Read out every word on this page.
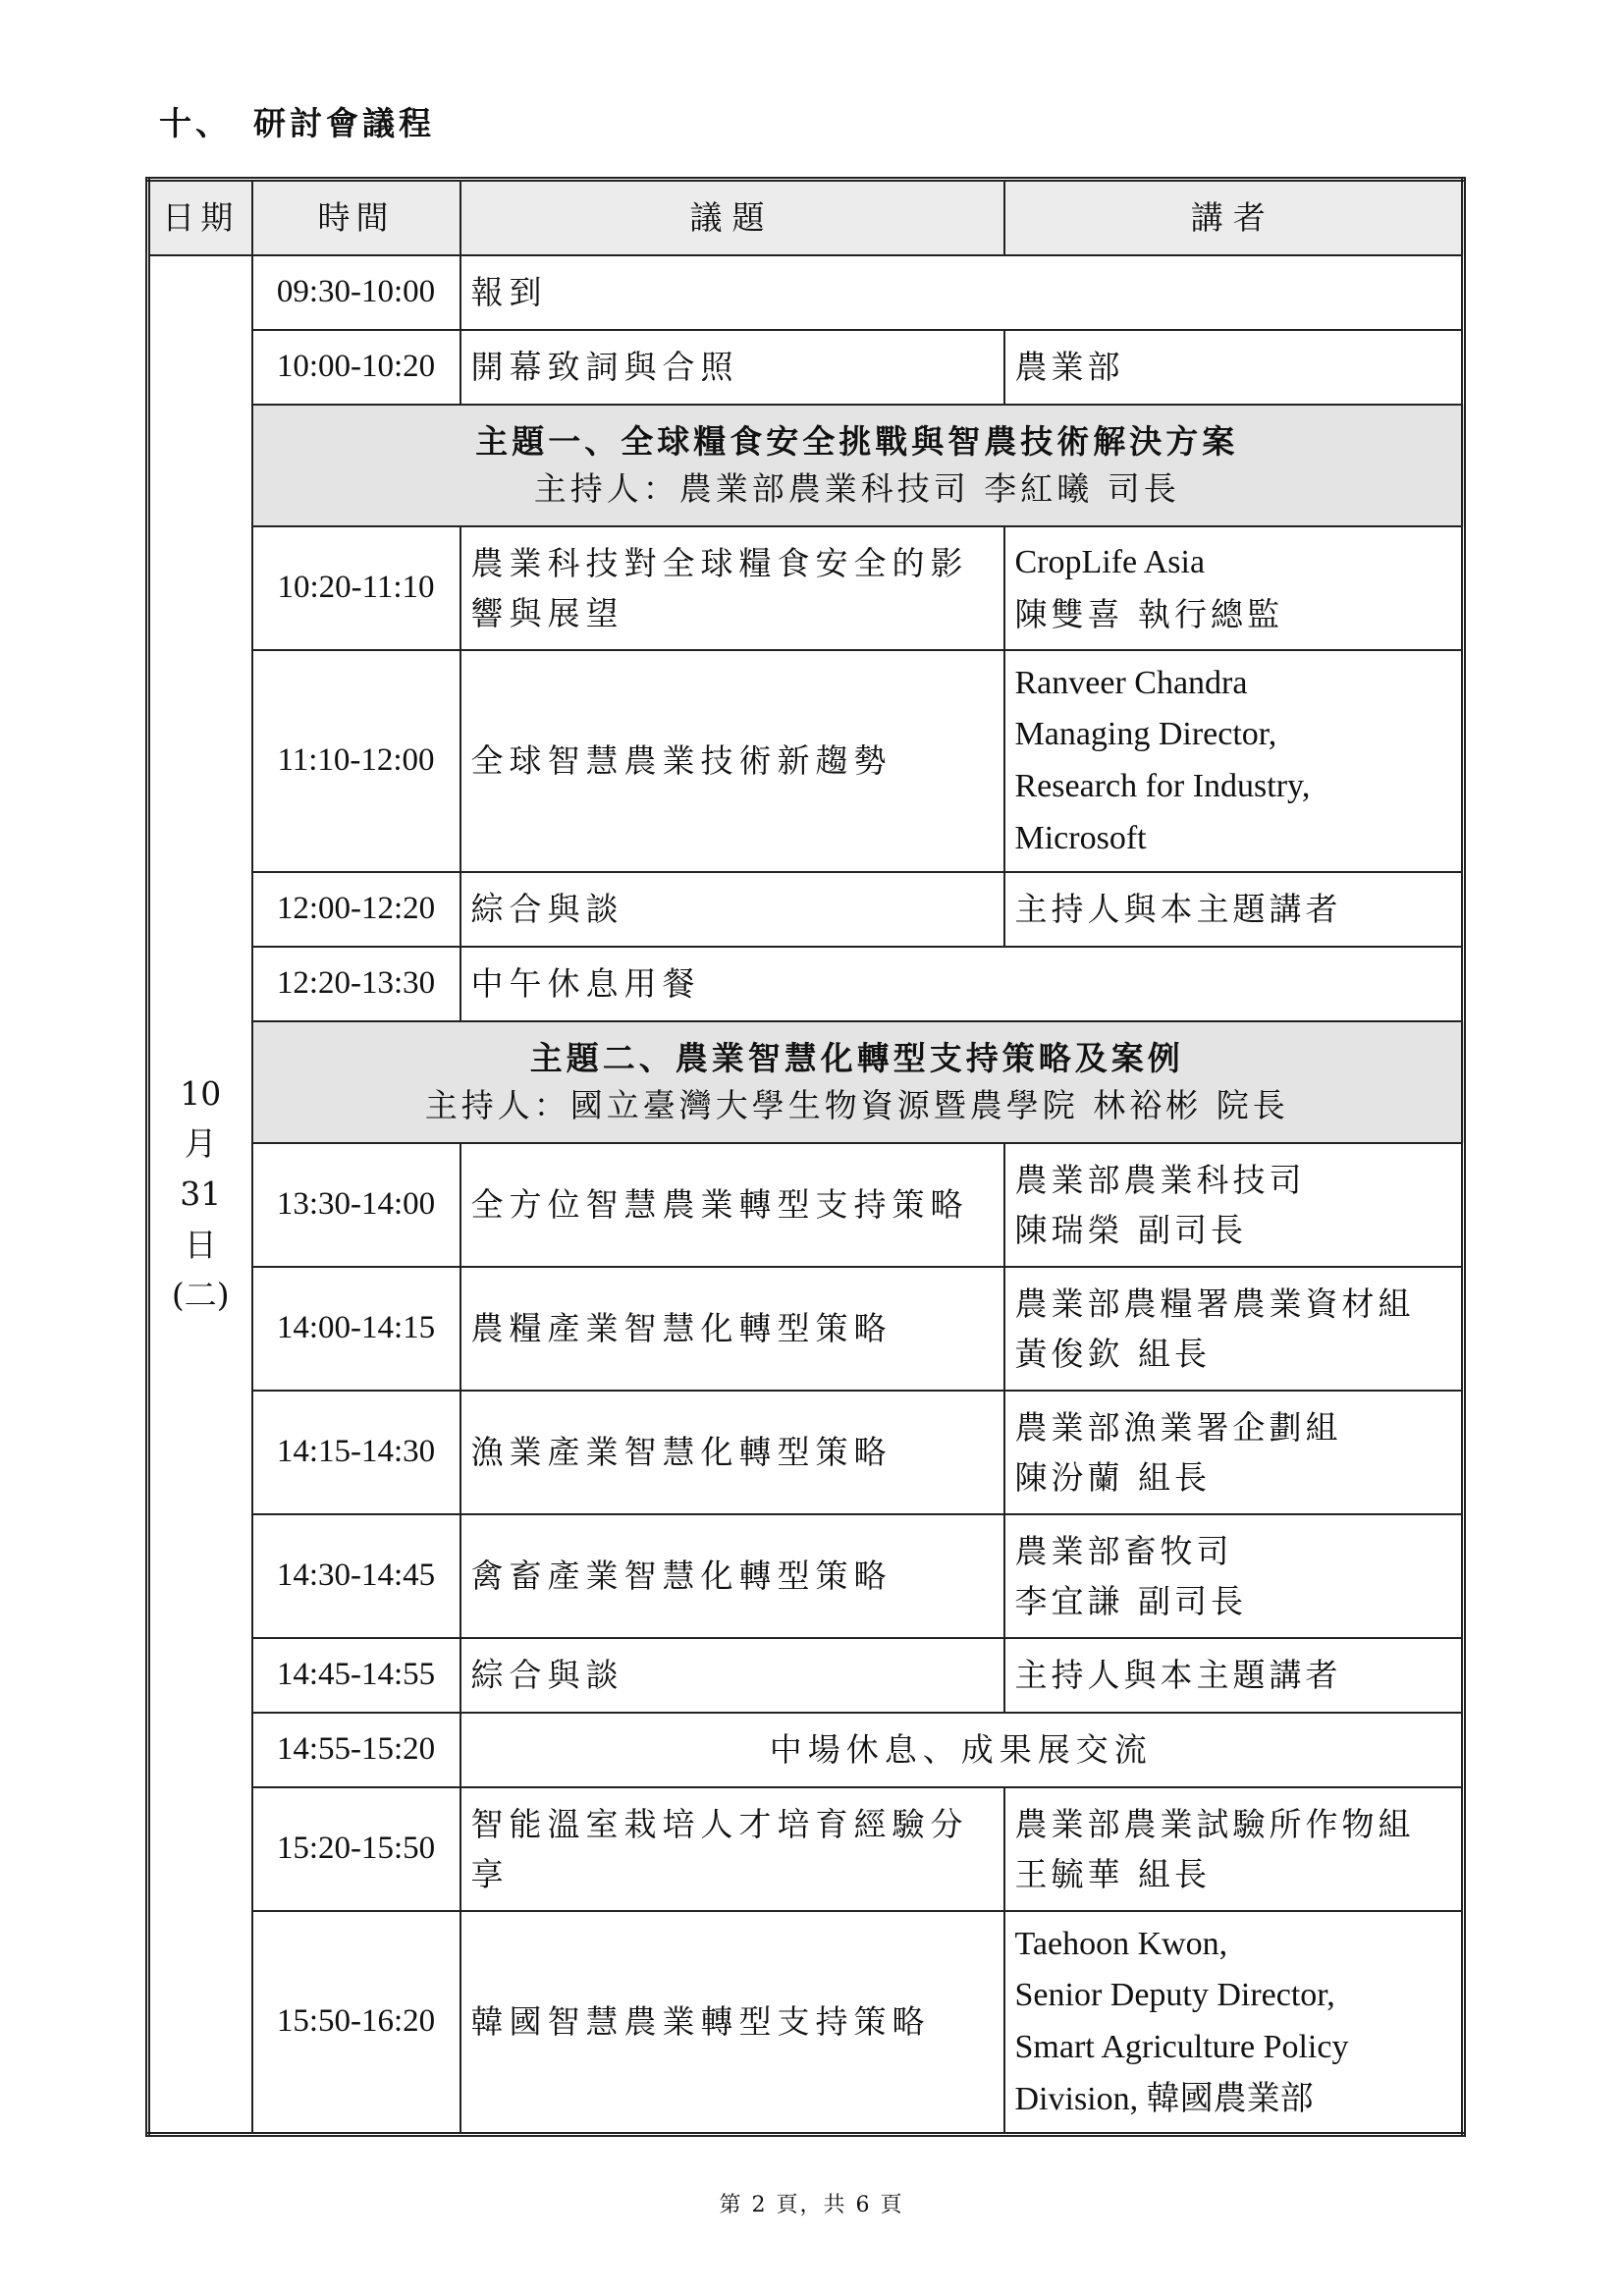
十、 研討會議程
日期	時間	議題	講者

10
月
31
日
(二)	09:30-10:00	報到	
	10:00-10:20	開幕致詞與合照	農業部

	主題一、全球糧食安全挑戰與智農技術解決方案
主持人：農業部農業科技司 李紅曦 司長		

	10:20-11:10	農業科技對全球糧食安全的影響與展望	CropLife Asia
陳雙喜 執行總監

	11:10-12:00	全球智慧農業技術新趨勢	Ranveer Chandra
Managing Director,
Research for Industry,
Microsoft

	12:00-12:20	綜合與談	主持人與本主題講者

	12:20-13:30	中午休息用餐	

	主題二、農業智慧化轉型支持策略及案例
主持人：國立臺灣大學生物資源暨農學院 林裕彬 院長		

	13:30-14:00	全方位智慧農業轉型支持策略	農業部農業科技司
陳瑞榮 副司長

	14:00-14:15	農糧產業智慧化轉型策略	農業部農糧署農業資材組
黃俊欽 組長

	14:15-14:30	漁業產業智慧化轉型策略	農業部漁業署企劃組
陳汾蘭 組長

	14:30-14:45	禽畜產業智慧化轉型策略	農業部畜牧司
李宜謙 副司長

	14:45-14:55	綜合與談	主持人與本主題講者

	14:55-15:20	中場休息、成果展交流	
	15:20-15:50	智能溫室栽培人才培育經驗分享	農業部農業試驗所作物組
王毓華 組長

	15:50-16:20	韓國智慧農業轉型支持策略	Taehoon Kwon,
Senior Deputy Director,
Smart Agriculture Policy
Division, 韓國農業部
第 2 頁，共 6 頁
